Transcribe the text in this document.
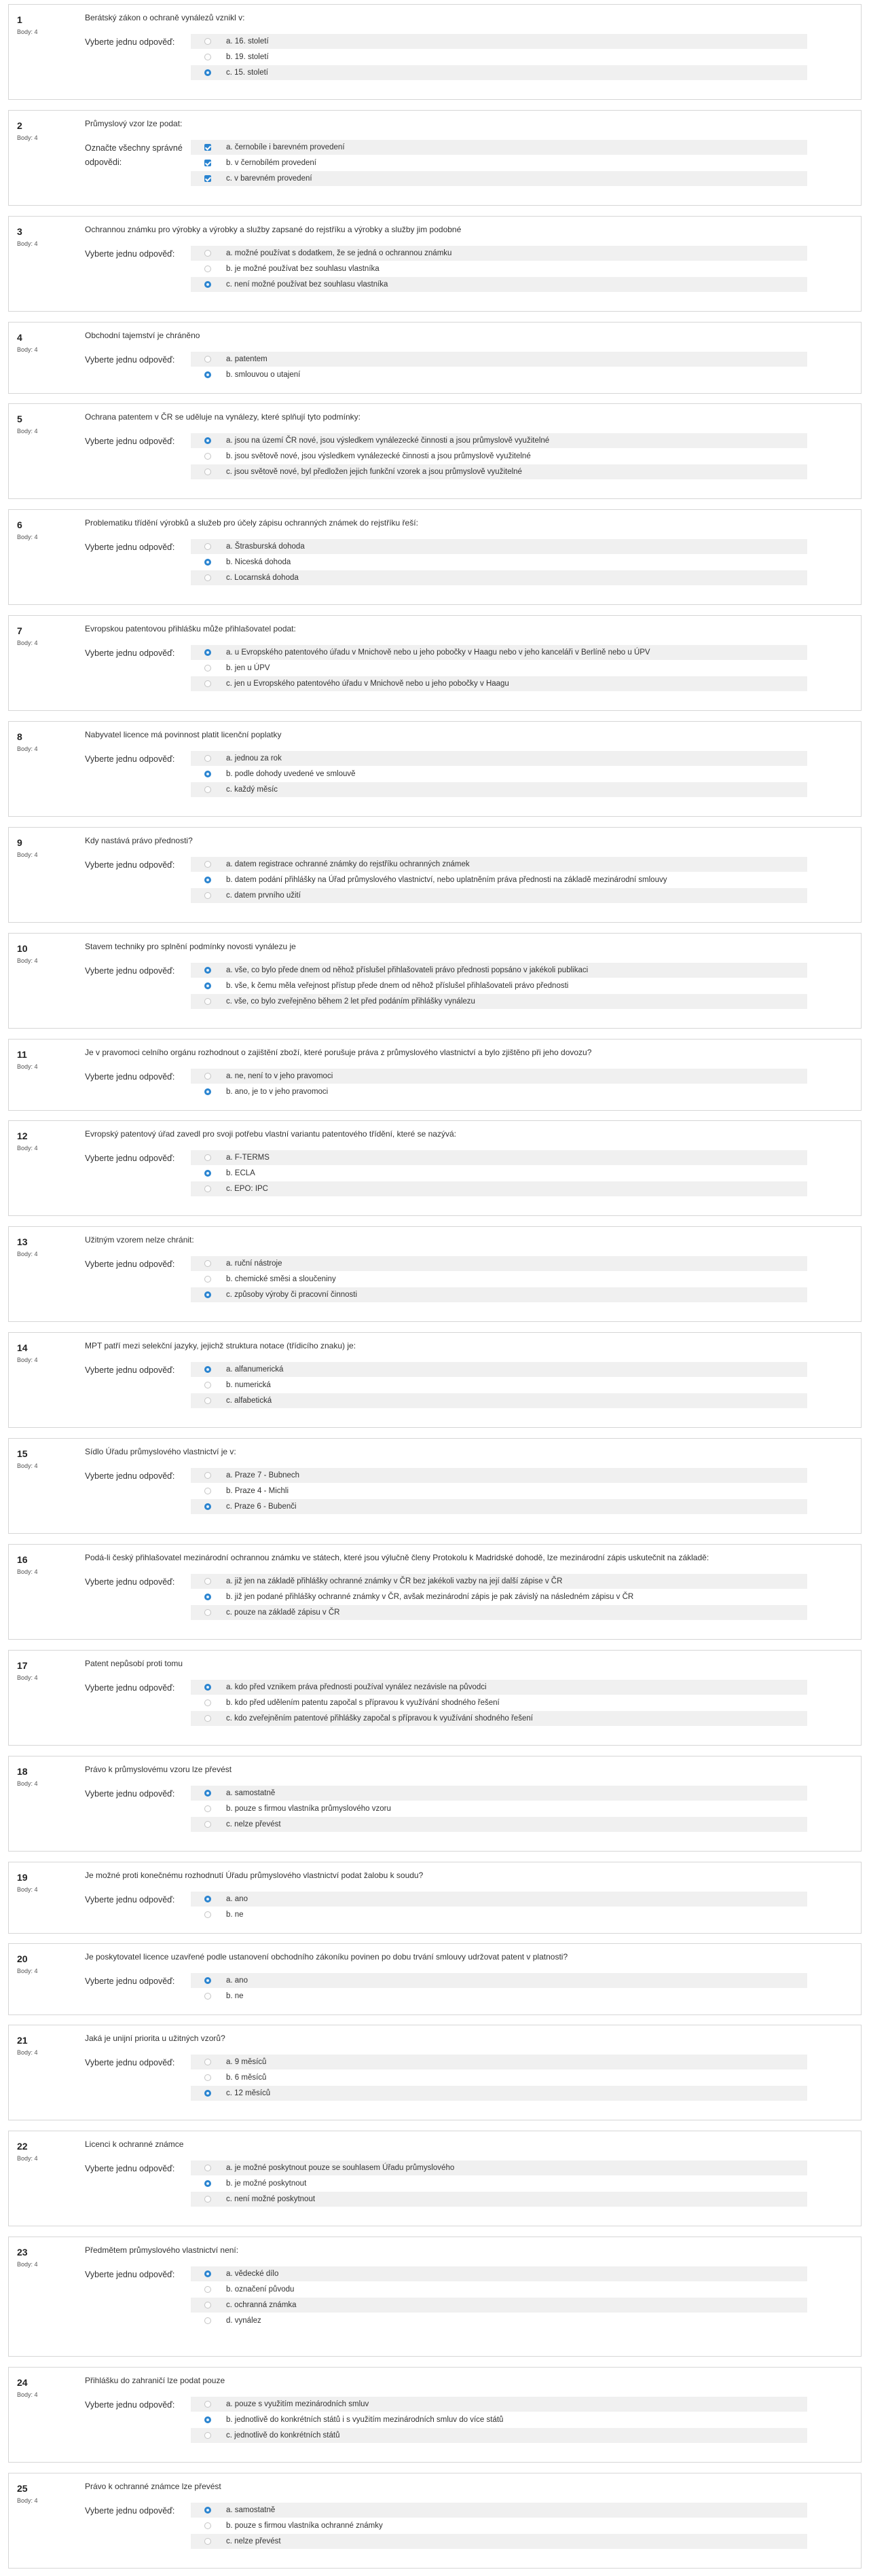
1
Body: 4
Berátský zákon o ochraně vynálezů vznikl v:
Vyberte jednu odpověď:	a. 16. století
b. 19. století
c. 15. století
2
Body: 4
Průmyslový vzor lze podat:
Označte všechny správné odpovědi:
a. černobíle i barevném provedení
b. v černobílém provedení
c. v barevném provedení
3
Body: 4
Ochrannou známku pro výrobky a výrobky a služby zapsané do rejstříku a výrobky a služby jim podobné
Vyberte jednu odpověď:	a. možné používat s dodatkem, že se jedná o ochrannou známku
b. je možné používat bez souhlasu vlastníka
c. není možné používat bez souhlasu vlastníka
4
Body: 4
Obchodní tajemství je chráněno
Vyberte jednu odpověď:	a. patentem
b. smlouvou o utajení
5
Body: 4
Ochrana patentem v ČR se uděluje na vynálezy, které splňují tyto podmínky:
Vyberte jednu odpověď:	a. jsou na území ČR nové, jsou výsledkem vynálezecké činnosti a jsou průmyslově využitelné
b. jsou světově nové, jsou výsledkem vynálezecké činnosti a jsou průmyslově využitelné
c. jsou světově nové, byl předložen jejich funkční vzorek a jsou průmyslově využitelné
6
Body: 4
Problematiku třídění výrobků a služeb pro účely zápisu ochranných známek do rejstříku řeší:
Vyberte jednu odpověď:	a. Štrasburská dohoda
b. Niceská dohoda
c. Locarnská dohoda
7
Body: 4
Evropskou patentovou přihlášku může přihlašovatel podat:
Vyberte jednu odpověď:	a. u Evropského patentového úřadu v Mnichově nebo u jeho pobočky v Haagu nebo v jeho kanceláři v Berlíně nebo u ÚPV
b. jen u ÚPV
c. jen u Evropského patentového úřadu v Mnichově nebo u jeho pobočky v Haagu
8
Body: 4
Nabyvatel licence má povinnost platit licenční poplatky
Vyberte jednu odpověď:	a. jednou za rok
b. podle dohody uvedené ve smlouvě
c. každý měsíc
9
Body: 4
Kdy nastává právo přednosti?
Vyberte jednu odpověď:	a. datem registrace ochranné známky do rejstříku ochranných známek
b. datem podání přihlášky na Úřad průmyslového vlastnictví, nebo uplatněním práva přednosti na základě mezinárodní smlouvy
c. datem prvního užití
10
Body: 4
Stavem techniky pro splnění podmínky novosti vynálezu je
Vyberte jednu odpověď:	a. vše, co bylo přede dnem od něhož příslušel přihlašovateli právo přednosti popsáno v jakékoli publikaci
b. vše, k čemu měla veřejnost přístup přede dnem od něhož příslušel přihlašovateli právo přednosti
c. vše, co bylo zveřejněno během 2 let před podáním přihlášky vynálezu
11
Body: 4
Je v pravomoci celního orgánu rozhodnout o zajištění zboží, které porušuje práva z průmyslového vlastnictví a bylo zjištěno při jeho dovozu?
Vyberte jednu odpověď:	a. ne, není to v jeho pravomoci
b. ano, je to v jeho pravomoci
12
Body: 4
Evropský patentový úřad zavedl pro svoji potřebu vlastní variantu patentového třídění, které se nazývá:
Vyberte jednu odpověď:	a. F-TERMS
b. ECLA
c. EPO: IPC
13
Body: 4
Užitným vzorem nelze chránit:
Vyberte jednu odpověď:	a. ruční nástroje
b. chemické směsi a sloučeniny
c. způsoby výroby či pracovní činnosti
14
Body: 4
MPT patří mezi selekční jazyky, jejichž struktura notace (třídicího znaku) je:
Vyberte jednu odpověď:	a. alfanumerická
b. numerická
c. alfabetická
15
Body: 4
Sídlo Úřadu průmyslového vlastnictví je v:
Vyberte jednu odpověď:	a. Praze 7 - Bubnech
b. Praze 4 - Michli
c. Praze 6 - Bubenči
16
Body: 4
Podá-li český přihlašovatel mezinárodní ochrannou známku ve státech, které jsou výlučně členy Protokolu k Madridské dohodě, lze mezinárodní zápis uskutečnit na základě:
Vyberte jednu odpověď:	a. již jen na základě přihlášky ochranné známky v ČR bez jakékoli vazby na její další zápise v ČR
b. již jen podané přihlášky ochranné známky v ČR, avšak mezinárodní zápis je pak závislý na následném zápisu v ČR
c. pouze na základě zápisu v ČR
17
Body: 4
Patent nepůsobí proti tomu
Vyberte jednu odpověď:	a. kdo před vznikem práva přednosti používal vynález nezávisle na původci
b. kdo před udělením patentu započal s přípravou k využívání shodného řešení
c. kdo zveřejněním patentové přihlášky započal s přípravou k využívání shodného řešení
18
Body: 4
Právo k průmyslovému vzoru lze převést
Vyberte jednu odpověď:	a. samostatně
b. pouze s firmou vlastníka průmyslového vzoru
c. nelze převést
19
Body: 4
Je možné proti konečnému rozhodnutí Úřadu průmyslového vlastnictví podat žalobu k soudu?
Vyberte jednu odpověď:	a. ano
b. ne
20
Body: 4
Je poskytovatel licence uzavřené podle ustanovení obchodního zákoníku povinen po dobu trvání smlouvy udržovat patent v platnosti?
Vyberte jednu odpověď:	a. ano
b. ne
21
Body: 4
Jaká je unijní priorita u užitných vzorů?
Vyberte jednu odpověď:	a. 9 měsíců
b. 6 měsíců
c. 12 měsíců
22
Body: 4
Licenci k ochranné známce
Vyberte jednu odpověď:	a. je možné poskytnout pouze se souhlasem Úřadu průmyslového
b. je možné poskytnout
c. není možné poskytnout
23
Body: 4
Předmětem průmyslového vlastnictví není:
Vyberte jednu odpověď:	a. vědecké dílo
b. označení původu
c. ochranná známka
d. vynález
24
Body: 4
Přihlášku do zahraničí lze podat pouze
Vyberte jednu odpověď:	a. pouze s využitím mezinárodních smluv
b. jednotlivě do konkrétních států i s využitím mezinárodních smluv do více států
c. jednotlivě do konkrétních států
25
Body: 4
Právo k ochranné známce lze převést
Vyberte jednu odpověď:	a. samostatně
b. pouze s firmou vlastníka ochranné známky
c. nelze převést
